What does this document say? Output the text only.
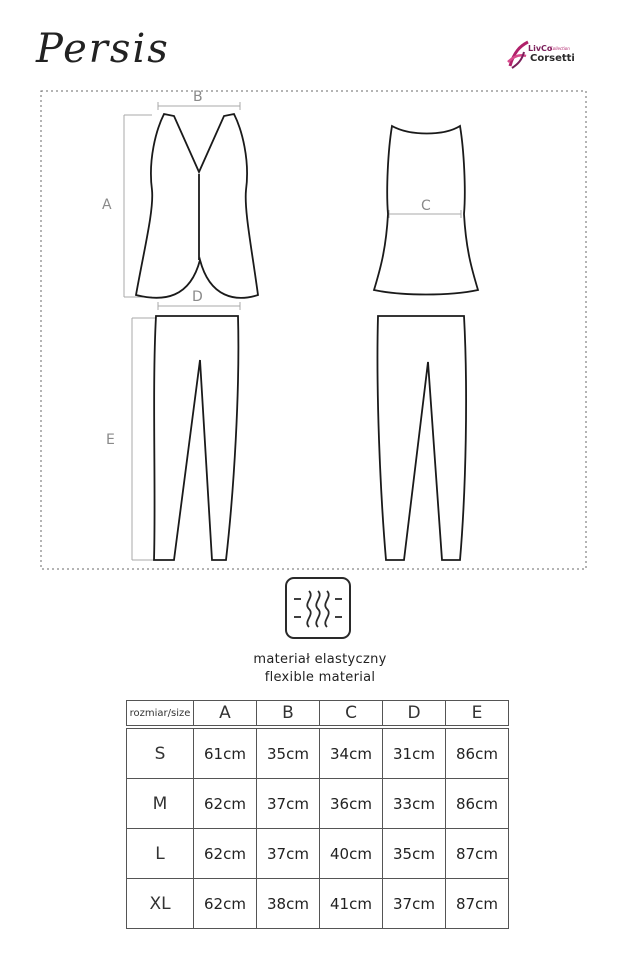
Persis	LivCo
Collection
Corsetti
B
A
D
E
C
materiał elastyczny
flexible material
rozmiar/size	A	B	C	D	E

S	61cm	35cm	34cm	31cm	86cm
M	62cm	37cm	36cm	33cm	86cm
L	62cm	37cm	40cm	35cm	87cm
XL	62cm	38cm	41cm	37cm	87cm
